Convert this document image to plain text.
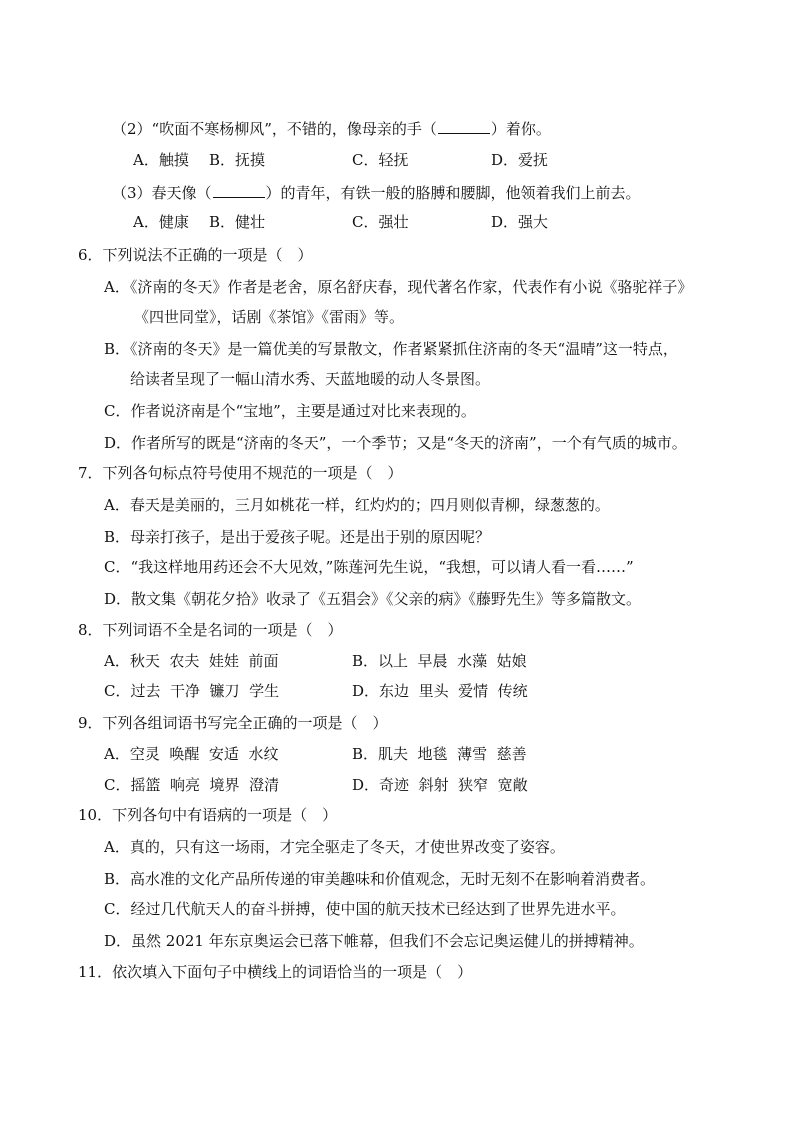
（2）“吹面不寒杨柳风”，不错的，像母亲的手（	）着你。
A．触摸 B．抚摸	C．轻抚	D．爱抚
（3）春天像（	）的青年，有铁一般的胳膊和腰脚，他领着我们上前去。
A．健康 B．健壮	C．强壮	D．强大
6．下列说法不正确的一项是（　）
A．《济南的冬天》作者是老舍，原名舒庆春，现代著名作家，代表作有小说《骆驼祥子》
《四世同堂》，话剧《茶馆》《雷雨》等。
B．《济南的冬天》是一篇优美的写景散文，作者紧紧抓住济南的冬天“温晴”这一特点，
给读者呈现了一幅山清水秀、天蓝地暖的动人冬景图。
C．作者说济南是个“宝地”，主要是通过对比来表现的。
D．作者所写的既是“济南的冬天”，一个季节；又是“冬天的济南”，一个有气质的城市。
7．下列各句标点符号使用不规范的一项是（　）
A．春天是美丽的，三月如桃花一样，红灼灼的；四月则似青柳，绿葱葱的。
B．母亲打孩子，是出于爱孩子呢。还是出于别的原因呢？
C．“我这样地用药还会不大见效，”陈莲河先生说，“我想，可以请人看一看……”
D．散文集《朝花夕拾》收录了《五猖会》《父亲的病》《藤野先生》等多篇散文。
8．下列词语不全是名词的一项是（　）
A．秋天  农夫  娃娃  前面	B．以上  早晨  水藻  姑娘
C．过去  干净  镰刀  学生	D．东边  里头  爱情  传统
9．下列各组词语书写完全正确的一项是（　）
A．空灵  唤醒  安适  水纹	B．肌夫  地毯  薄雪  慈善
C．摇篮  响亮  境界  澄清	D．奇迹  斜射  狭窄  宽敞
10．下列各句中有语病的一项是（　）
A．真的，只有这一场雨，才完全驱走了冬天，才使世界改变了姿容。
B．高水准的文化产品所传递的审美趣味和价值观念，无时无刻不在影响着消费者。
C．经过几代航天人的奋斗拼搏，使中国的航天技术已经达到了世界先进水平。
D．虽然 2021 年东京奥运会已落下帷幕，但我们不会忘记奥运健儿的拼搏精神。
11．依次填入下面句子中横线上的词语恰当的一项是（　）
